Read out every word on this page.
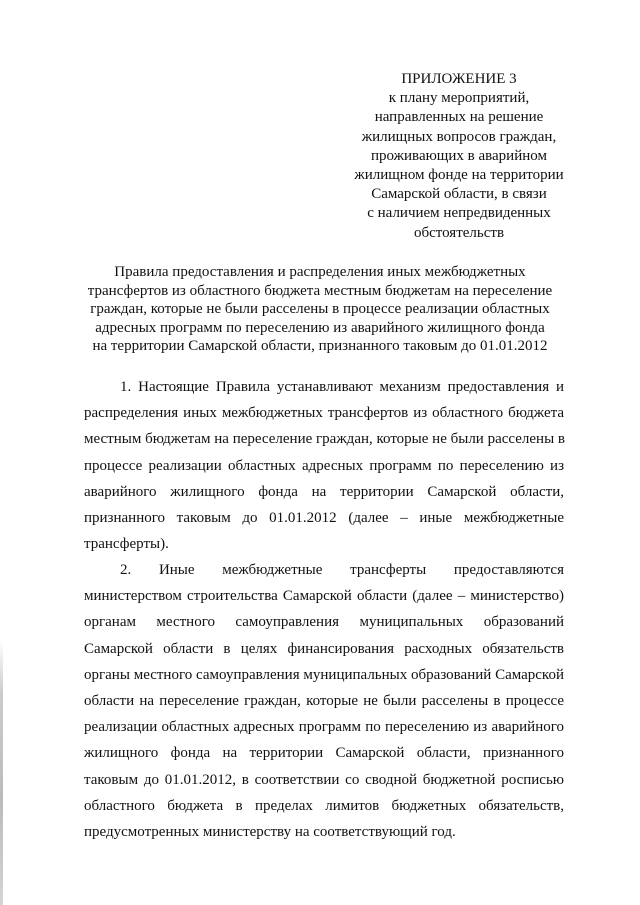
ПРИЛОЖЕНИЕ 3
к плану мероприятий,
направленных на решение
жилищных вопросов граждан,
проживающих в аварийном
жилищном фонде на территории
Самарской области, в связи
с наличием непредвиденных
обстоятельств
Правила предоставления и распределения иных межбюджетных
трансфертов из областного бюджета местным бюджетам на переселение
граждан, которые не были расселены в процессе реализации областных
адресных программ по переселению из аварийного жилищного фонда
на территории Самарской области, признанного таковым до 01.01.2012
1. Настоящие Правила устанавливают механизм предоставления и
распределения иных межбюджетных трансфертов из областного бюджета
местным бюджетам на переселение граждан, которые не были расселены в
процессе реализации областных адресных программ по переселению из
аварийного жилищного фонда на территории Самарской области,
признанного таковым до 01.01.2012 (далее – иные межбюджетные
трансферты).
2. Иные межбюджетные трансферты предоставляются
министерством строительства Самарской области (далее – министерство)
органам местного самоуправления муниципальных образований
Самарской области в целях финансирования расходных обязательств
органы местного самоуправления муниципальных образований Самарской
области на переселение граждан, которые не были расселены в процессе
реализации областных адресных программ по переселению из аварийного
жилищного фонда на территории Самарской области, признанного
таковым до 01.01.2012, в соответствии со сводной бюджетной росписью
областного бюджета в пределах лимитов бюджетных обязательств,
предусмотренных министерству на соответствующий год.
